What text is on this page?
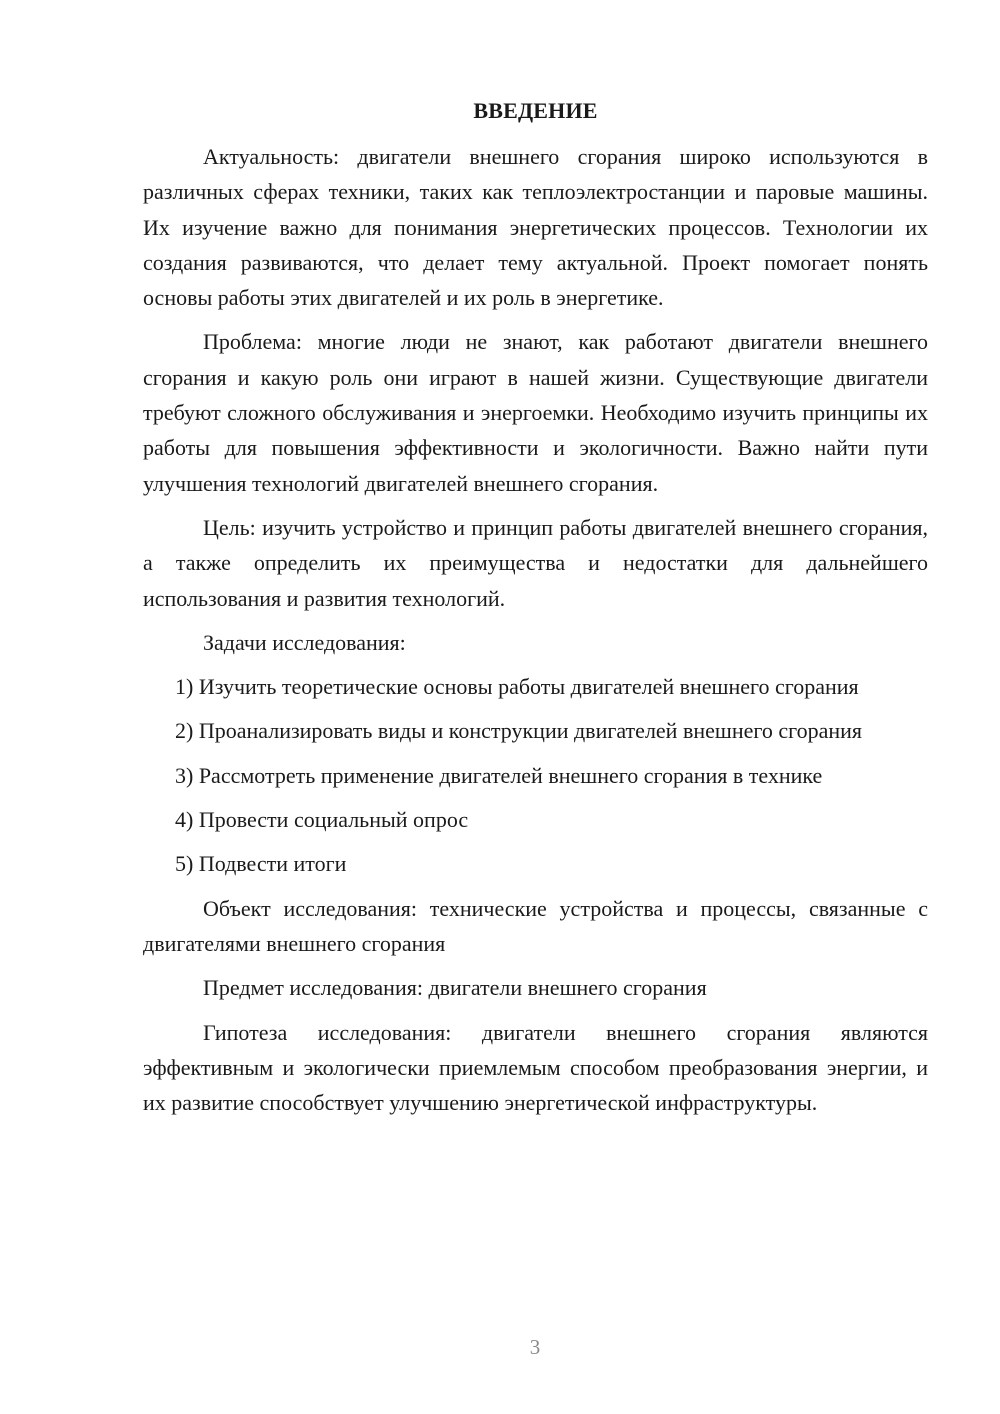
ВВЕДЕНИЕ

Актуальность: двигатели внешнего сгорания широко используются в различных сферах техники, таких как теплоэлектростанции и паровые машины. Их изучение важно для понимания энергетических процессов. Технологии их создания развиваются, что делает тему актуальной. Проект помогает понять основы работы этих двигателей и их роль в энергетике.

Проблема: многие люди не знают, как работают двигатели внешнего сгорания и какую роль они играют в нашей жизни. Существующие двигатели требуют сложного обслуживания и энергоемки. Необходимо изучить принципы их работы для повышения эффективности и экологичности. Важно найти пути улучшения технологий двигателей внешнего сгорания.

Цель: изучить устройство и принцип работы двигателей внешнего сгорания, а также определить их преимущества и недостатки для дальнейшего использования и развития технологий.

Задачи исследования:

1) Изучить теоретические основы работы двигателей внешнего сгорания

2) Проанализировать виды и конструкции двигателей внешнего сгорания

3) Рассмотреть применение двигателей внешнего сгорания в технике

4) Провести социальный опрос

5) Подвести итоги

Объект исследования: технические устройства и процессы, связанные с двигателями внешнего сгорания

Предмет исследования: двигатели внешнего сгорания

Гипотеза исследования: двигатели внешнего сгорания являются эффективным и экологически приемлемым способом преобразования энергии, и их развитие способствует улучшению энергетической инфраструктуры.

3
